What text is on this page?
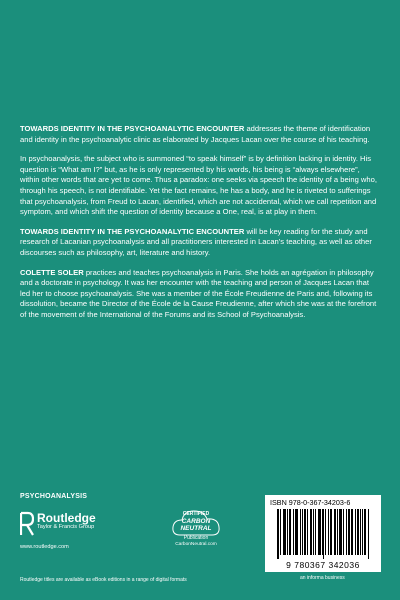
TOWARDS IDENTITY IN THE PSYCHOANALYTIC ENCOUNTER addresses the theme of identification and identity in the psychoanalytic clinic as elaborated by Jacques Lacan over the course of his teaching.

In psychoanalysis, the subject who is summoned “to speak himself” is by definition lacking in identity. His question is “What am I?” but, as he is only represented by his words, his being is “always elsewhere”, within other words that are yet to come. Thus a paradox: one seeks via speech the identity of a being who, through his speech, is not identifiable. Yet the fact remains, he has a body, and he is riveted to sufferings that psychoanalysis, from Freud to Lacan, identified, which are not accidental, which we call repetition and symptom, and which shift the question of identity because a One, real, is at play in them.

TOWARDS IDENTITY IN THE PSYCHOANALYTIC ENCOUNTER will be key reading for the study and research of Lacanian psychoanalysis and all practitioners interested in Lacan’s teaching, as well as other discourses such as philosophy, art, literature and history.

COLETTE SOLER practices and teaches psychoanalysis in Paris. She holds an agrégation in philosophy and a doctorate in psychology. It was her encounter with the teaching and person of Jacques Lacan that led her to choose psychoanalysis. She was a member of the École Freudienne de Paris and, following its dissolution, became the Director of the École de la Cause Freudienne, after which she was at the forefront of the movement of the International of the Forums and its School of Psychoanalysis.

PSYCHOANALYSIS
Routledge
Taylor & Francis Group
www.routledge.com
CERTIFIED
CARBON
NEUTRAL
Publication
CarbonNeutral.com
ISBN 978-0-367-34203-6
9 780367 342036
an informa business
Routledge titles are available as eBook editions in a range of digital formats
